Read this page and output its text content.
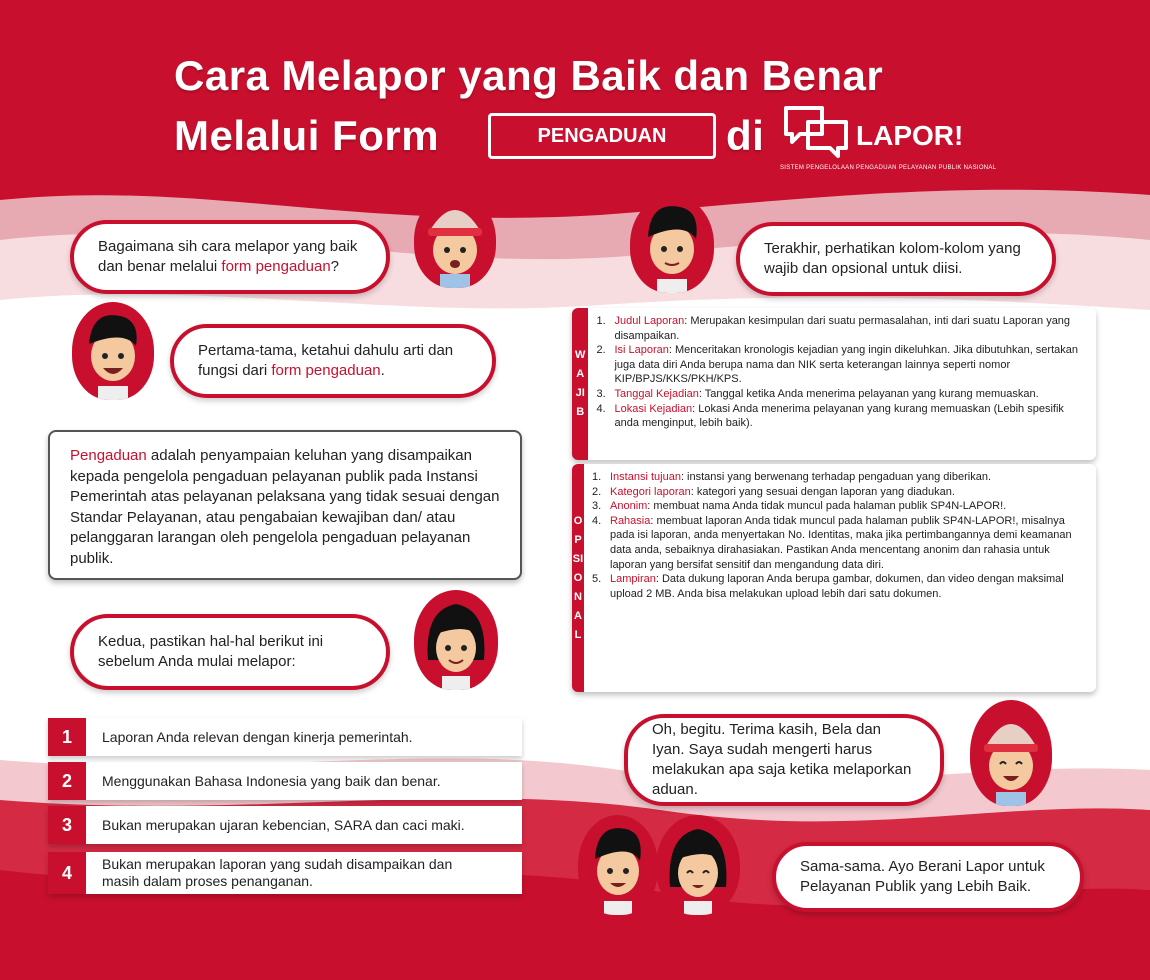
Cara Melapor yang Baik dan Benar
Melalui Form	PENGADUAN	di	LAPOR!
SISTEM PENGELOLAAN PENGADUAN PELAYANAN PUBLIK NASIONAL
Bagaimana sih cara melapor yang baik dan benar melalui form pengaduan?
Pertama-tama, ketahui dahulu arti dan fungsi dari form pengaduan.
Pengaduan adalah penyampaian keluhan yang disampaikan kepada pengelola pengaduan pelayanan publik pada Instansi Pemerintah atas pelayanan pelaksana yang tidak sesuai dengan Standar Pelayanan, atau pengabaian kewajiban dan/ atau pelanggaran larangan oleh pengelola pengaduan pelayanan publik.
Kedua, pastikan hal-hal berikut ini sebelum Anda mulai melapor:
1	Laporan Anda relevan dengan kinerja pemerintah.
2	Menggunakan Bahasa Indonesia yang baik dan benar.
3	Bukan merupakan ujaran kebencian, SARA dan caci maki.
4	Bukan merupakan laporan yang sudah disampaikan dan masih dalam proses penanganan.
Terakhir, perhatikan kolom-kolom yang wajib dan opsional untuk diisi.
WAJIB
1. Judul Laporan: Merupakan kesimpulan dari suatu permasalahan, inti dari suatu Laporan yang disampaikan.
2. Isi Laporan: Menceritakan kronologis kejadian yang ingin dikeluhkan. Jika dibutuhkan, sertakan juga data diri Anda berupa nama dan NIK serta keterangan lainnya seperti nomor KIP/BPJS/KKS/PKH/KPS.
3. Tanggal Kejadian: Tanggal ketika Anda menerima pelayanan yang kurang memuaskan.
4. Lokasi Kejadian: Lokasi Anda menerima pelayanan yang kurang memuaskan (Lebih spesifik anda menginput, lebih baik).
OPSIONAL
1. Instansi tujuan: instansi yang berwenang terhadap pengaduan yang diberikan.
2. Kategori laporan: kategori yang sesuai dengan laporan yang diadukan.
3. Anonim: membuat nama Anda tidak muncul pada halaman publik SP4N-LAPOR!.
4. Rahasia: membuat laporan Anda tidak muncul pada halaman publik SP4N-LAPOR!, misalnya pada isi laporan, anda menyertakan No. Identitas, maka jika pertimbangannya demi keamanan data anda, sebaiknya dirahasiakan. Pastikan Anda mencentang anonim dan rahasia untuk laporan yang bersifat sensitif dan mengandung data diri.
5. Lampiran: Data dukung laporan Anda berupa gambar, dokumen, dan video dengan maksimal upload 2 MB. Anda bisa melakukan upload lebih dari satu dokumen.
Oh, begitu. Terima kasih, Bela dan Iyan. Saya sudah mengerti harus melakukan apa saja ketika melaporkan aduan.
Sama-sama. Ayo Berani Lapor untuk Pelayanan Publik yang Lebih Baik.
